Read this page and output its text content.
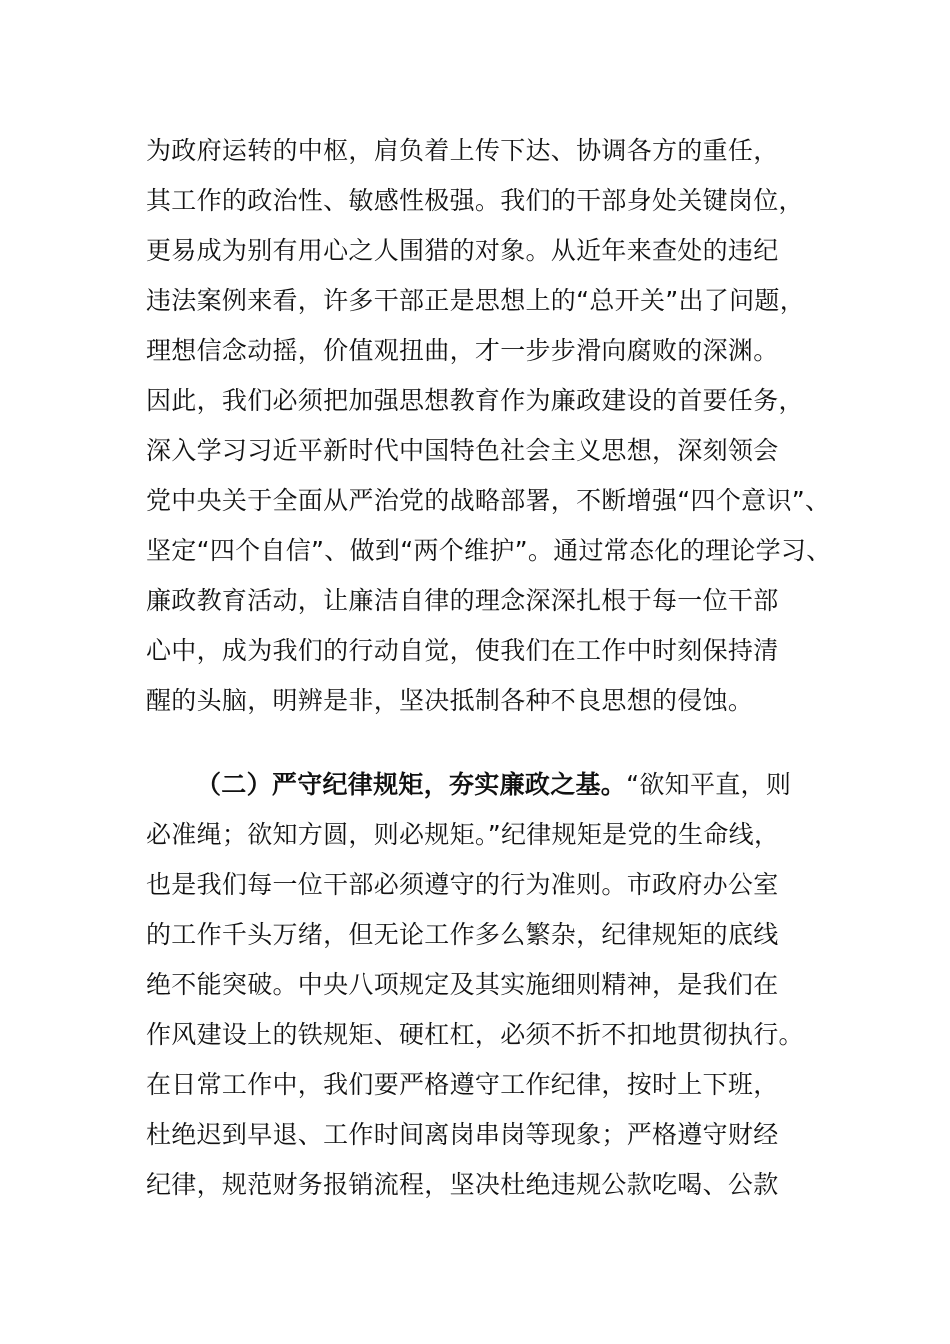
为政府运转的中枢，肩负着上传下达、协调各方的重任，
其工作的政治性、敏感性极强。我们的干部身处关键岗位，
更易成为别有用心之人围猎的对象。从近年来查处的违纪
违法案例来看，许多干部正是思想上的“总开关”出了问题，
理想信念动摇，价值观扭曲，才一步步滑向腐败的深渊。
因此，我们必须把加强思想教育作为廉政建设的首要任务，
深入学习习近平新时代中国特色社会主义思想，深刻领会
党中央关于全面从严治党的战略部署，不断增强“四个意识”、
坚定“四个自信”、做到“两个维护”。通过常态化的理论学习、
廉政教育活动，让廉洁自律的理念深深扎根于每一位干部
心中，成为我们的行动自觉，使我们在工作中时刻保持清
醒的头脑，明辨是非，坚决抵制各种不良思想的侵蚀。
（二）严守纪律规矩，夯实廉政之基。“欲知平直，则
必准绳；欲知方圆，则必规矩。”纪律规矩是党的生命线，
也是我们每一位干部必须遵守的行为准则。市政府办公室
的工作千头万绪，但无论工作多么繁杂，纪律规矩的底线
绝不能突破。中央八项规定及其实施细则精神，是我们在
作风建设上的铁规矩、硬杠杠，必须不折不扣地贯彻执行。
在日常工作中，我们要严格遵守工作纪律，按时上下班，
杜绝迟到早退、工作时间离岗串岗等现象；严格遵守财经
纪律，规范财务报销流程，坚决杜绝违规公款吃喝、公款
